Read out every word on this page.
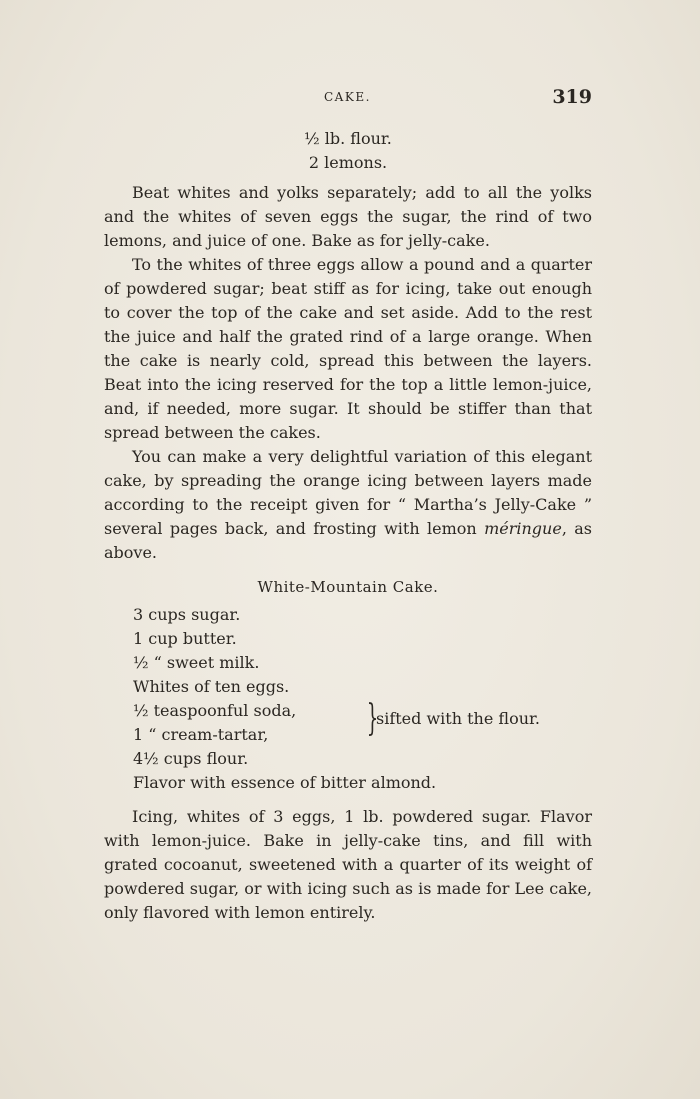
CAKE.	319

½ lb. flour.

2 lemons.

Beat whites and yolks separately; add to all the yolks and the whites of seven eggs the sugar, the rind of two lemons, and juice of one. Bake as for jelly-cake.

To the whites of three eggs allow a pound and a quarter of powdered sugar; beat stiff as for icing, take out enough to cover the top of the cake and set aside. Add to the rest the juice and half the grated rind of a large orange. When the cake is nearly cold, spread this between the layers. Beat into the icing reserved for the top a little lemon-juice, and, if needed, more sugar. It should be stiffer than that spread between the cakes.

You can make a very delightful variation of this elegant cake, by spreading the orange icing between layers made according to the receipt given for “ Martha’s Jelly-Cake ” several pages back, and frosting with lemon méringue, as above.

White-Mountain Cake.

3 cups sugar.

1 cup butter.

½ “ sweet milk.

Whites of ten eggs.

½ teaspoonful soda,
1 “ cream-tartar,	}
sifted with the flour.

4½ cups flour.

Flavor with essence of bitter almond.

Icing, whites of 3 eggs, 1 lb. powdered sugar. Flavor with lemon-juice. Bake in jelly-cake tins, and fill with grated cocoanut, sweetened with a quarter of its weight of powdered sugar, or with icing such as is made for Lee cake, only flavored with lemon entirely.
